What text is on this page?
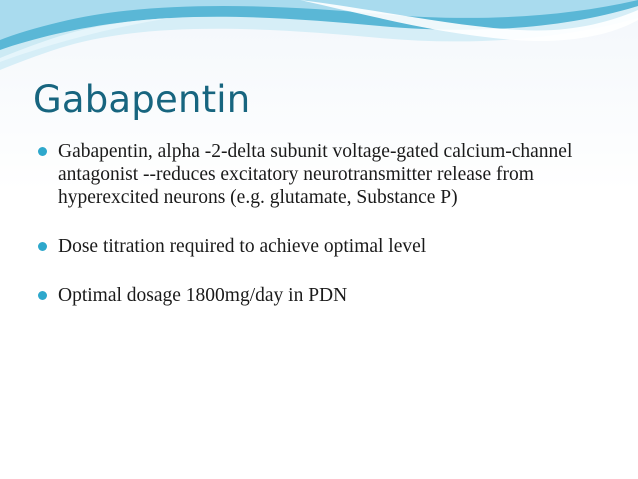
Gabapentin
Gabapentin, alpha -2-delta subunit voltage-gated calcium-channel antagonist --reduces excitatory neurotransmitter release from hyperexcited neurons (e.g. glutamate, Substance P)
Dose titration required to achieve optimal level
Optimal dosage 1800mg/day in PDN
